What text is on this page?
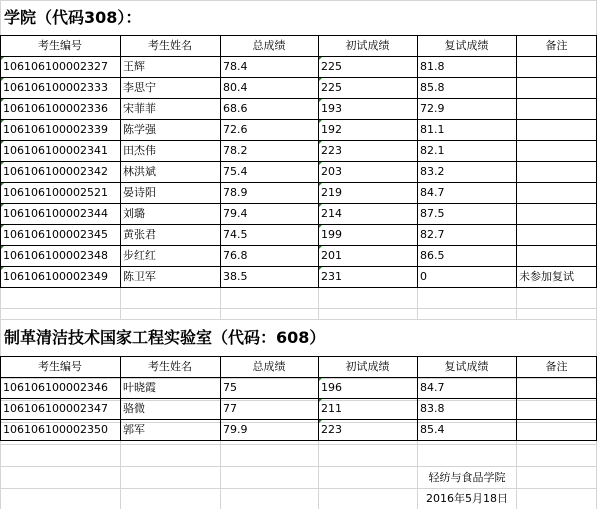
学院（代码308）：
制革清洁技术国家工程实验室（代码：608）
考生编号	考生姓名	总成绩	初试成绩	复试成绩	备注
106106100002327	王辉	78.4	225	81.8
106106100002333	李思宁	80.4	225	85.8
106106100002336	宋菲菲	68.6	193	72.9
106106100002339	陈学强	72.6	192	81.1
106106100002341	田杰伟	78.2	223	82.1
106106100002342	林洪斌	75.4	203	83.2
106106100002521	晏诗阳	78.9	219	84.7
106106100002344	刘璐	79.4	214	87.5
106106100002345	黄张君	74.5	199	82.7
106106100002348	步红红	76.8	201	86.5
106106100002349	陈卫军	38.5	231	0	未参加复试
考生编号	考生姓名	总成绩	初试成绩	复试成绩	备注
106106100002346	叶晓霞	75	196	84.7
106106100002347	骆微	77	211	83.8
106106100002350	郭军	79.9	223	85.4
轻纺与食品学院
2016年5月18日
